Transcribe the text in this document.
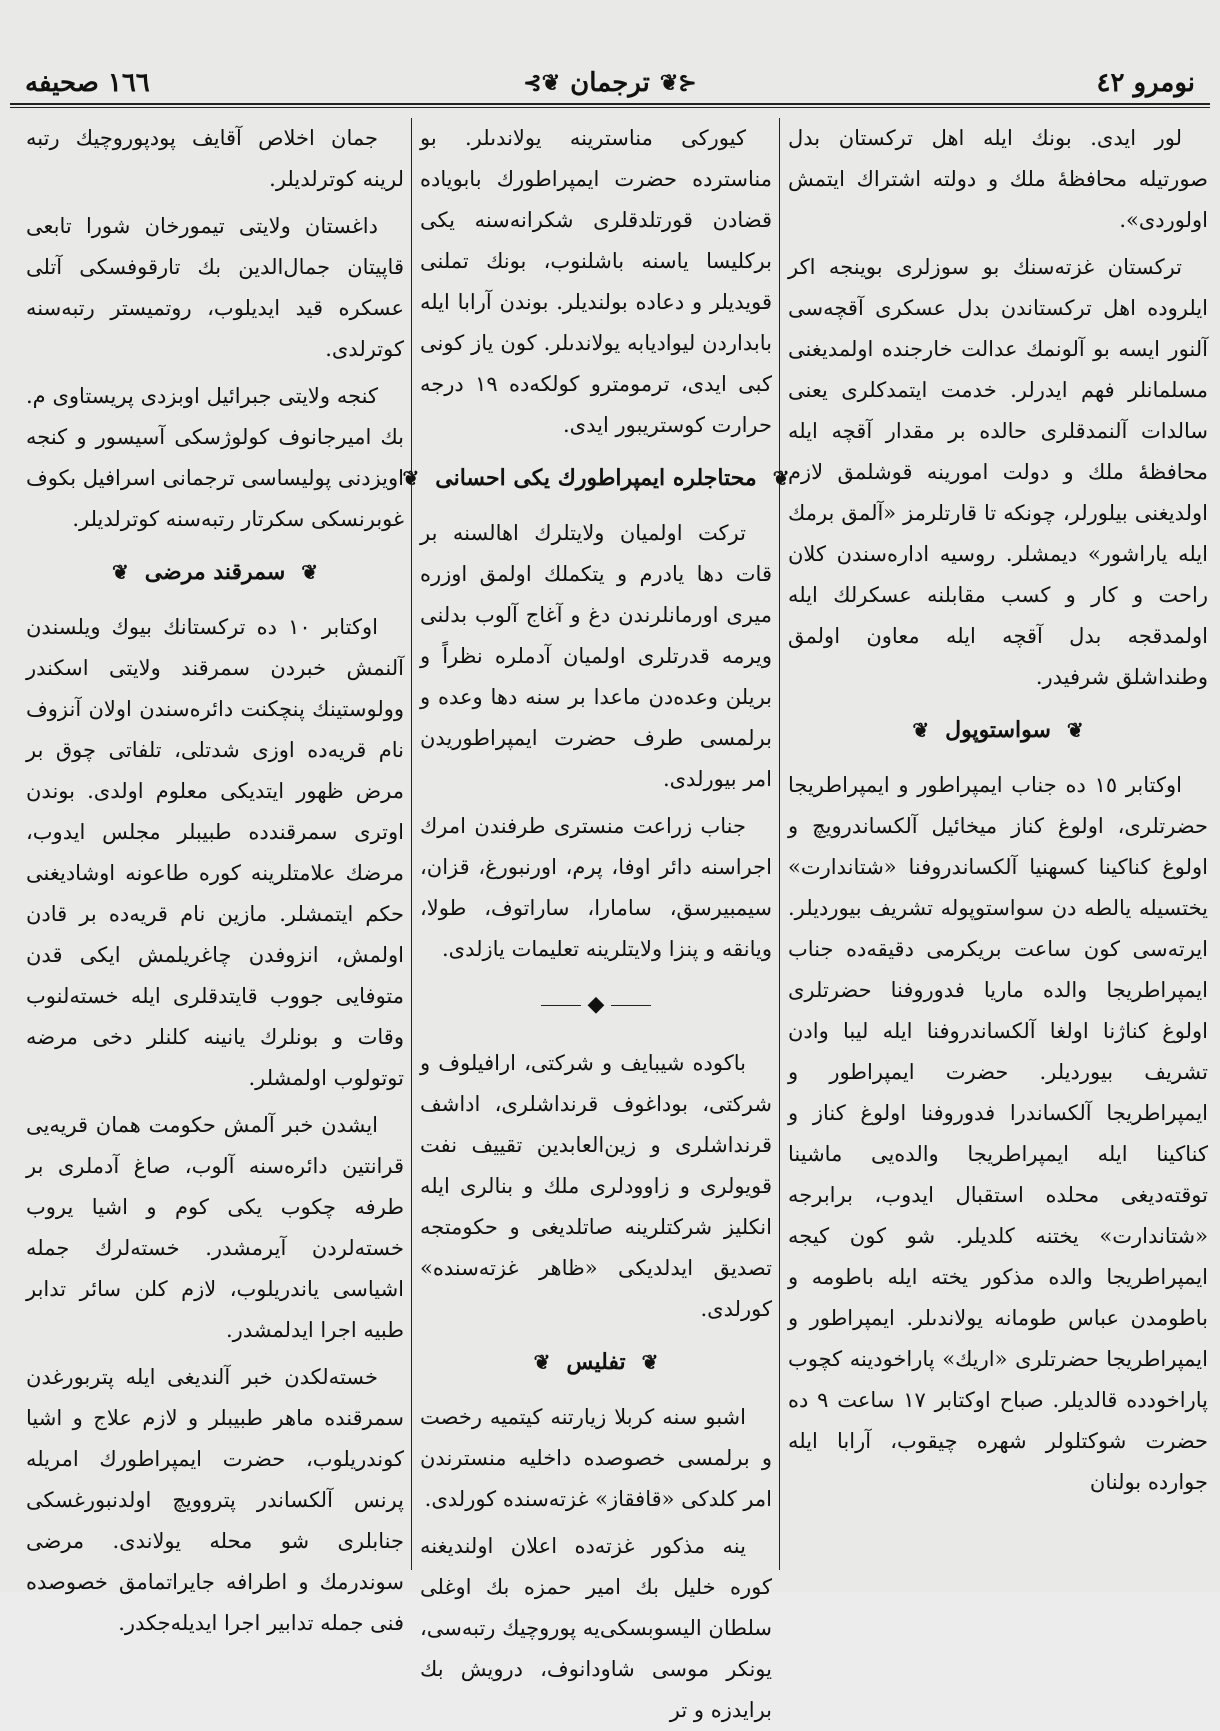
نومرو ٤٢
⊰❦
ترجمان
❦⊱
١٦٦ صحيفه

لور ايدى. بونك ايله اهل تركستان بدل صورتيله محافظهٔ ملك و دولته اشتراك ايتمش اولوردى».

تركستان غزته‌سنك بو سوزلرى بوينجه اكر ايلروده اهل تركستاندن بدل عسكرى آقچه‌سى آلنور ايسه بو آلونمك عدالت خارجنده اولمديغنى مسلمانلر فهم ايدرلر. خدمت ايتمدكلرى يعنى سالدات آلنمدقلرى حالده بر مقدار آقچه ايله محافظهٔ ملك و دولت امورينه قوشلمق لازم اولديغنى بيلورلر، چونكه تا قارتلرمز «آلمق برمك ايله ياراشور» ديمشلر. روسيه اداره‌سندن كلان راحت و كار و كسب مقابلنه عسكرلك ايله اولمدقجه بدل آقچه ايله معاون اولمق وطنداشلق شرفيدر.

❦
سواستوپول
❦

اوكتابر ١٥ ده جناب ايمپراطور و ايمپراطريجا حضرتلرى، اولوغ كناز ميخائيل آلكساندرويچ و اولوغ كناكينا كسهنيا آلكساندروفنا «شتاندارت» يختسيله يالطه دن سواستوپوله تشريف بيورديلر. ايرته‌سى كون ساعت بريكرمى دقيقه‌ده جناب ايمپراطريجا والده ماريا فدوروفنا حضرتلرى اولوغ كناژنا اولغا آلكساندروفنا ايله ليبا وادن تشريف بيورديلر. حضرت ايمپراطور و ايمپراطريجا آلكساندرا فدوروفنا اولوغ كناز و كناكينا ايله ايمپراطريجا والده‌يى ماشينا توقته‌ديغى محلده استقبال ايدوب، برابرجه «شتاندارت» يختنه كلديلر. شو كون كيجه ايمپراطريجا والده مذكور يخته ايله باطومه و باطومدن عباس طومانه يولاندىلر. ايمپراطور و ايمپراطريجا حضرتلرى «اريك» پاراخودينه كچوب پاراخودده قالديلر. صباح اوكتابر ١٧ ساعت ٩ ده حضرت شوكتلولر شهره چيقوب، آرابا ايله جوارده بولنان

كيوركى مناسترينه يولاندىلر. بو مناسترده حضرت ايمپراطورك بابوياده قضادن قورتلدقلرى شكرانه‌سنه يكى بركليسا ياسنه باشلنوب، بونك تملنى قويديلر و دعاده بولنديلر. بوندن آرابا ايله بابداردن ليواديابه يولاندىلر. كون ياز كونى كبى ايدى، ترمومترو كولكه‌ده ١٩ درجه حرارت كوستريبور ايدى.

❦
محتاجلره ايمپراطورك يكى احسانى
❦

تركت اولميان ولايتلرك اهالسنه بر قات دها يادرم و يتكملك اولمق اوزره ميرى اورمانلرندن دغ و آغاج آلوب بدلنى ويرمه قدرتلرى اولميان آدملره نظراً و بريلن وعده‌دن ماعدا بر سنه دها وعده و برلمسى طرف حضرت ايمپراطوريدن امر بيورلدى.

جناب زراعت منسترى طرفندن امرك اجراسنه دائر اوفا، پرم، اورنبورغ، قزان، سيمبيرسق، سامارا، ساراتوف، طولا، ويانقه و پنزا ولايتلرينه تعليمات يازلدى.

◆

باكوده شيبايف و شركتى، ارافيلوف و شركتى، بوداغوف قرنداشلرى، اداشف قرنداشلرى و زين‌العابدين تقييف نفت قويولرى و زاوودلرى ملك و بنالرى ايله انكليز شركتلرينه صاتلديغى و حكومتجه تصديق ايدلديكى «ظاهر غزته‌سنده» كورلدى.

❦
تفليس
❦

اشبو سنه كربلا زيارتنه كيتميه رخصت و برلمسى خصوصده داخليه منسترندن امر كلدكى «قافقاز» غزته‌سنده كورلدى.

ينه مذكور غزته‌ده اعلان اولنديغنه كوره خليل بك امير حمزه بك اوغلى سلطان اليسوبسكى‌يه پوروچيك رتبه‌سى، يونكر موسى شاودانوف، درويش بك برايدزه و تر

جمان اخلاص آقايف پودپوروچيك رتبه لرينه كوترلديلر.

داغستان ولايتى تيمورخان شورا تابعى قاپيتان جمال‌الدين بك تارقوفسكى آتلى عسكره قيد ايديلوب، روتميستر رتبه‌سنه كوترلدى.

كنجه ولايتى جبرائيل اوبزدى پريستاوى م. بك اميرجانوف كولوژسكى آسيسور و كنجه اويزدنى پوليساسى ترجمانى اسرافيل بكوف غوبرنسكى سكرتار رتبه‌سنه كوترلديلر.

❦
سمرقند مرضى
❦

اوكتابر ١٠ ده تركستانك بيوك ويلسندن آلنمش خبردن سمرقند ولايتى اسكندر وولوستينك پنچكنت دائره‌سندن اولان آنزوف نام قريه‌ده اوزى شدتلى، تلفاتى چوق بر مرض ظهور ايتديكى معلوم اولدى. بوندن اوترى سمرقندده طبيبلر مجلس ايدوب، مرضك علامتلرينه كوره طاعونه اوشاديغنى حكم ايتمشلر. مازين نام قريه‌ده بر قادن اولمش، انزوفدن چاغريلمش ايكى قدن متوفايى جووب قايتدقلرى ايله خسته‌لنوب وقات و بونلرك يانينه كلنلر دخى مرضه توتولوب اولمشلر.

ايشدن خبر آلمش حكومت همان قريه‌يى قرانتين دائره‌سنه آلوب، صاغ آدملرى بر طرفه چكوب يكى كوم و اشيا يروب خسته‌لردن آيرمشدر. خسته‌لرك جمله اشياسى ياندريلوب، لازم كلن سائر تدابر طبيه اجرا ايدلمشدر.

خسته‌لكدن خبر آلنديغى ايله پتربورغدن سمرقنده ماهر طبيبلر و لازم علاج و اشيا كوندريلوب، حضرت ايمپراطورك امريله پرنس آلكساندر پتروويچ اولدنبورغسكى جنابلرى شو محله يولاندى. مرضى سوندرمك و اطرافه جايراتمامق خصوصده فنى جمله تدابير اجرا ايديله‌جكدر.
